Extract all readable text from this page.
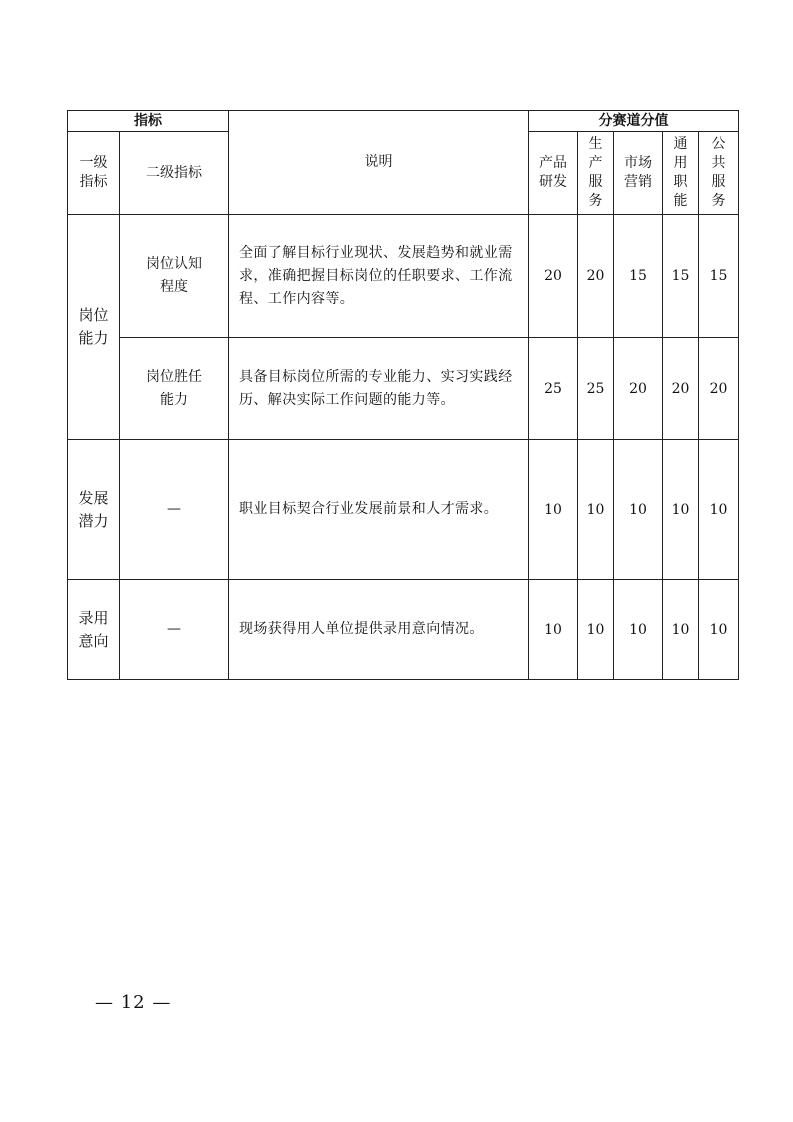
指标		说明	分赛道分值				

一级指标	二级指标		产品研发	生产服务	市场营销	通用职能	公共服务

岗位能力	岗位认知程度	全面了解目标行业现状、发展趋势和就业需求，准确把握目标岗位的任职要求、工作流程、工作内容等。	20	20	15	15	15

	岗位胜任能力	具备目标岗位所需的专业能力、实习实践经历、解决实际工作问题的能力等。	25	25	20	20	20

发展潜力	—	职业目标契合行业发展前景和人才需求。	10	10	10	10	10

录用意向	—	现场获得用人单位提供录用意向情况。	10	10	10	10	10
— 12 —
